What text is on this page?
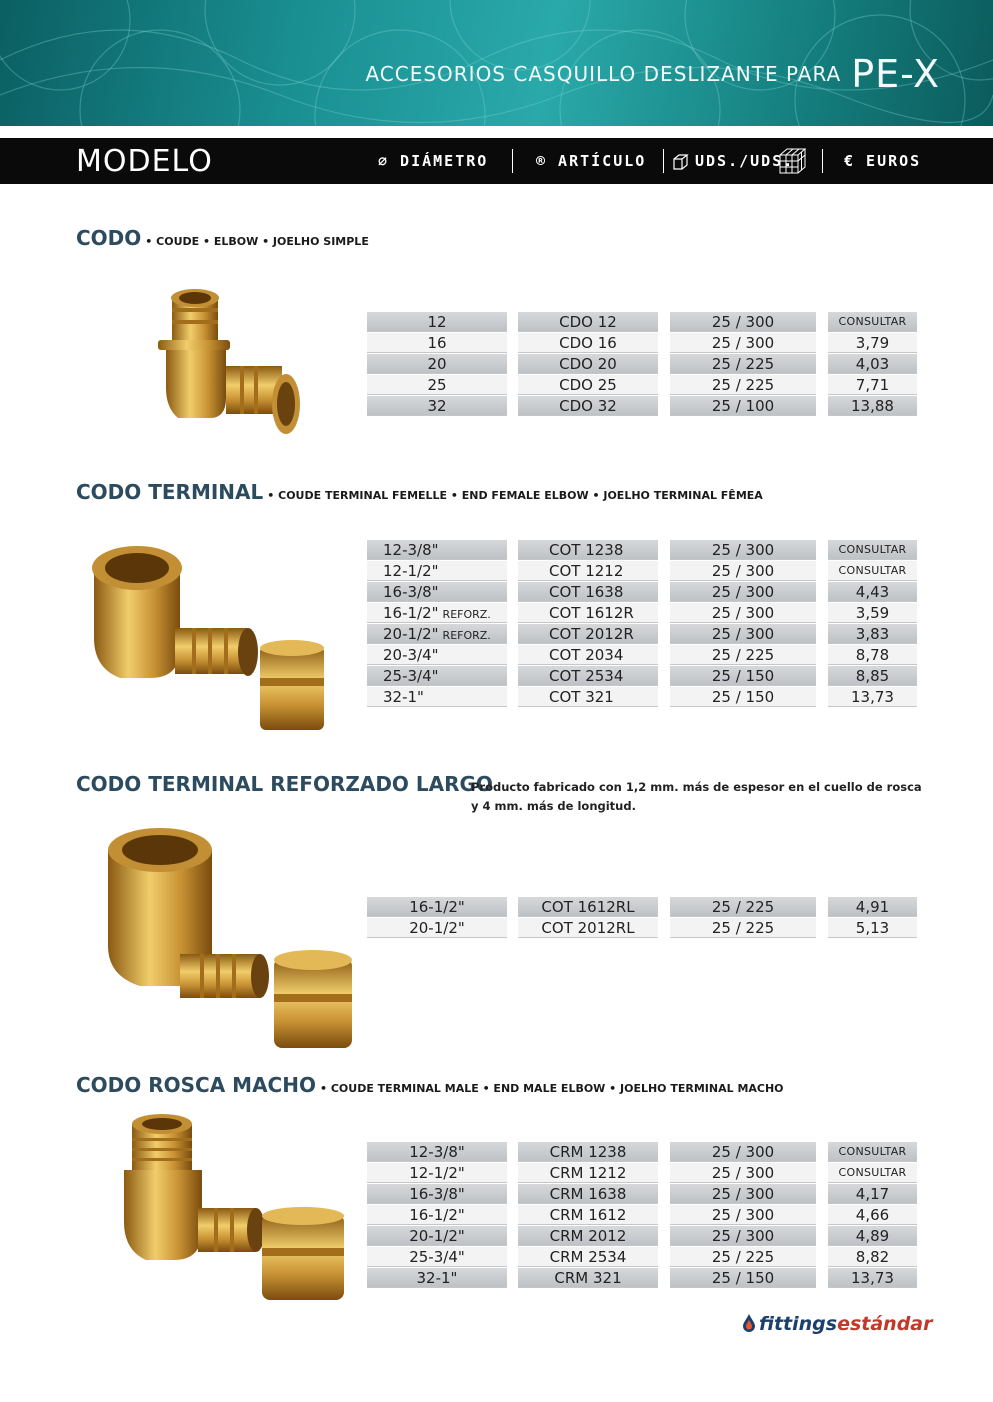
ACCESORIOS CASQUILLO DESLIZANTE PARA PE-X
MODELO	∅ DIÁMETRO	® ARTÍCULO	UDS./UDS.	€ EUROS
CODO • COUDE • ELBOW • JOELHO SIMPLE
12	CDO 12	25 / 300	CONSULTAR
16	CDO 16	25 / 300	3,79
20	CDO 20	25 / 225	4,03
25	CDO 25	25 / 225	7,71
32	CDO 32	25 / 100	13,88
CODO TERMINAL • COUDE TERMINAL FEMELLE • END FEMALE ELBOW • JOELHO TERMINAL FÊMEA
12-3/8"	COT 1238	25 / 300	CONSULTAR
12-1/2"	COT 1212	25 / 300	CONSULTAR
16-3/8"	COT 1638	25 / 300	4,43
16-1/2" REFORZ.	COT 1612R	25 / 300	3,59
20-1/2" REFORZ.	COT 2012R	25 / 300	3,83
20-3/4"	COT 2034	25 / 225	8,78
25-3/4"	COT 2534	25 / 150	8,85
32-1"	COT 321	25 / 150	13,73
CODO TERMINAL REFORZADO LARGO
Producto fabricado con 1,2 mm. más de espesor en el cuello de rosca
y 4 mm. más de longitud.
16-1/2"	COT 1612RL	25 / 225	4,91
20-1/2"	COT 2012RL	25 / 225	5,13
CODO ROSCA MACHO • COUDE TERMINAL MALE • END MALE ELBOW • JOELHO TERMINAL MACHO
12-3/8"	CRM 1238	25 / 300	CONSULTAR
12-1/2"	CRM 1212	25 / 300	CONSULTAR
16-3/8"	CRM 1638	25 / 300	4,17
16-1/2"	CRM 1612	25 / 300	4,66
20-1/2"	CRM 2012	25 / 300	4,89
25-3/4"	CRM 2534	25 / 225	8,82
32-1"	CRM 321	25 / 150	13,73
fittingsestándar
